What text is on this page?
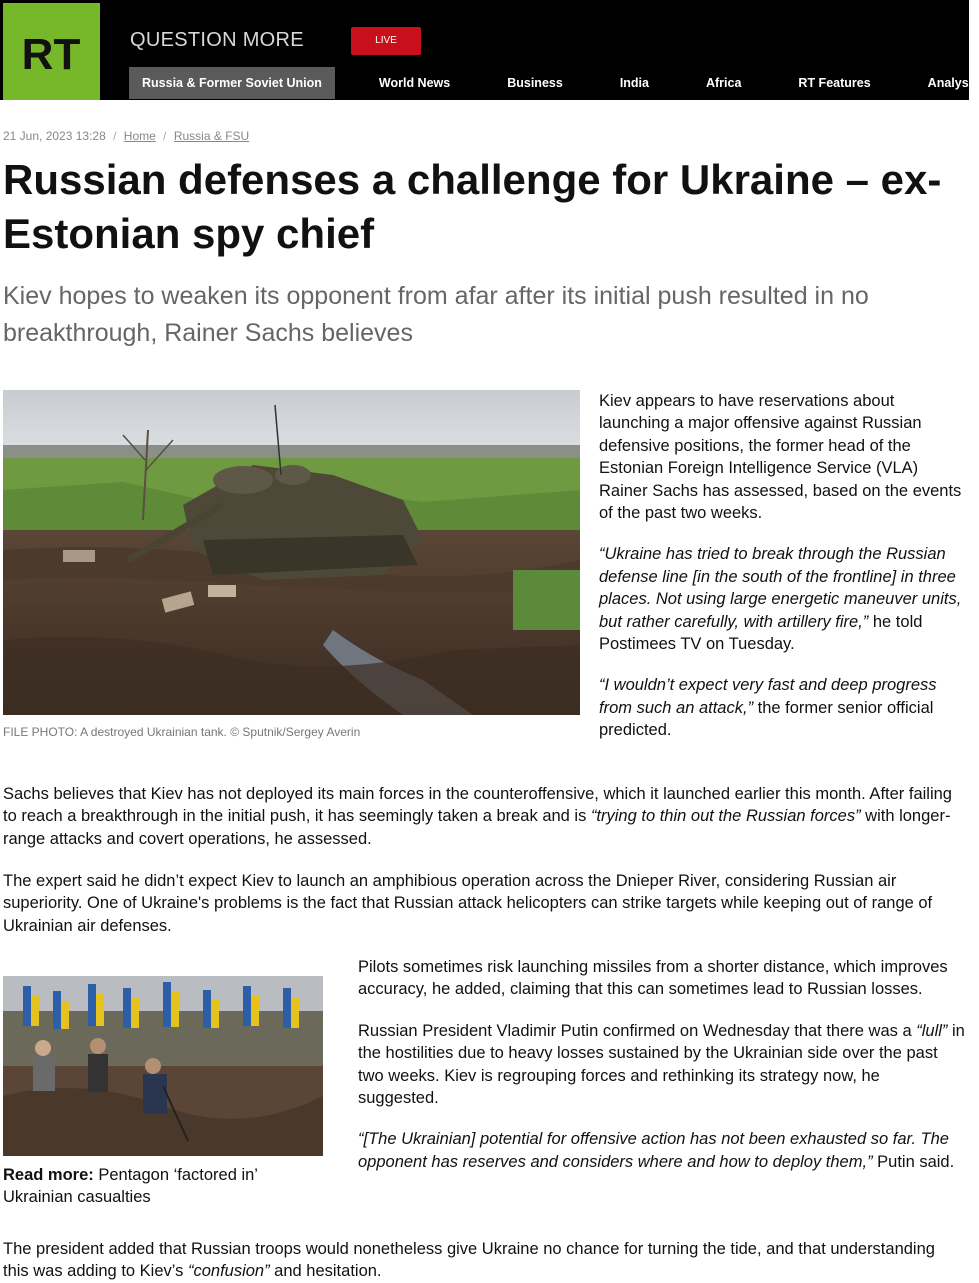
RT QUESTION MORE	LIVE
Russia & Former Soviet Union	World News	Business	India	Africa	RT Features	Analysis
21 Jun, 2023 13:28 / Home / Russia & FSU
Russian defenses a challenge for Ukraine – ex-Estonian spy chief
Kiev hopes to weaken its opponent from afar after its initial push resulted in no breakthrough, Rainer Sachs believes
FILE PHOTO: A destroyed Ukrainian tank. © Sputnik/Sergey Averin

Kiev appears to have reservations about launching a major offensive against Russian defensive positions, the former head of the Estonian Foreign Intelligence Service (VLA) Rainer Sachs has assessed, based on the events of the past two weeks.

“Ukraine has tried to break through the Russian defense line [in the south of the frontline] in three places. Not using large energetic maneuver units, but rather carefully, with artillery fire,” he told Postimees TV on Tuesday.

“I wouldn’t expect very fast and deep progress from such an attack,” the former senior official predicted.

Sachs believes that Kiev has not deployed its main forces in the counteroffensive, which it launched earlier this month. After failing to reach a breakthrough in the initial push, it has seemingly taken a break and is “trying to thin out the Russian forces” with longer-range attacks and covert operations, he assessed.
The expert said he didn’t expect Kiev to launch an amphibious operation across the Dnieper River, considering Russian air superiority. One of Ukraine's problems is the fact that Russian attack helicopters can strike targets while keeping out of range of Ukrainian air defenses.
Read more: Pentagon ‘factored in’ Ukrainian casualties

Pilots sometimes risk launching missiles from a shorter distance, which improves accuracy, he added, claiming that this can sometimes lead to Russian losses.

Russian President Vladimir Putin confirmed on Wednesday that there was a “lull” in the hostilities due to heavy losses sustained by the Ukrainian side over the past two weeks. Kiev is regrouping forces and rethinking its strategy now, he suggested.

“[The Ukrainian] potential for offensive action has not been exhausted so far. The opponent has reserves and considers where and how to deploy them,” Putin said.

The president added that Russian troops would nonetheless give Ukraine no chance for turning the tide, and that understanding this was adding to Kiev’s “confusion” and hesitation.
